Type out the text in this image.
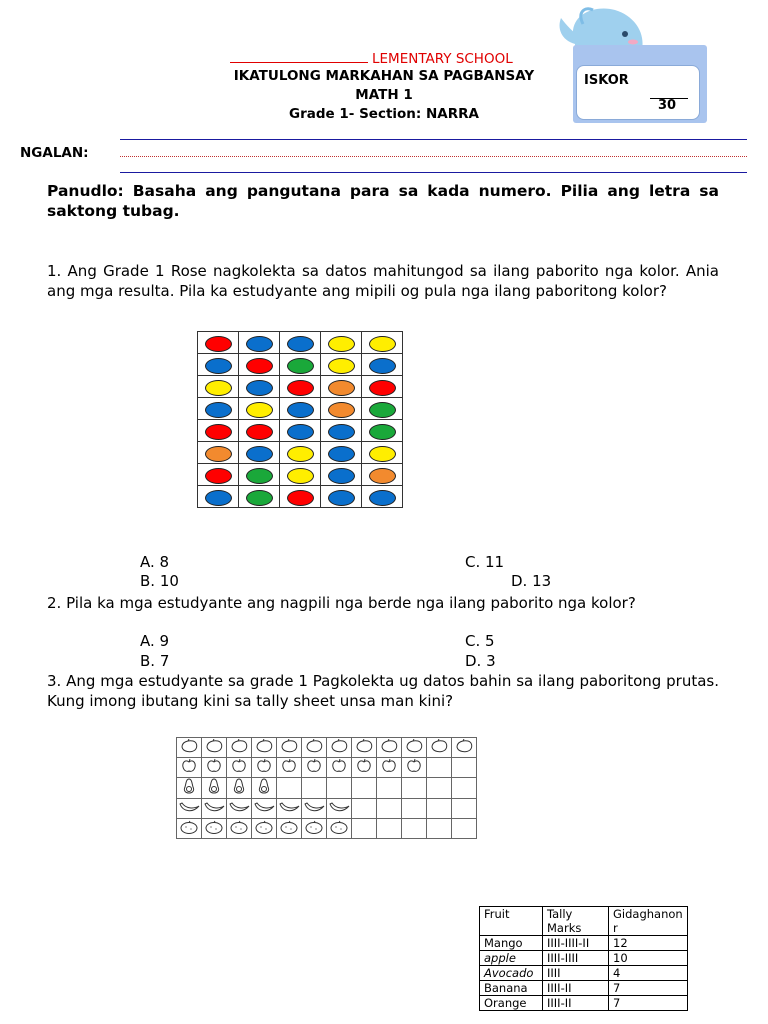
ISKOR
30
LEMENTARY SCHOOL
IKATULONG MARKAHAN SA PAGBANSAY
MATH 1
Grade 1- Section: NARRA
NGALAN:
Panudlo: Basaha ang pangutana para sa kada numero. Pilia ang letra sa saktong tubag.
1. Ang Grade 1 Rose nagkolekta sa datos mahitungod sa ilang paborito nga kolor. Ania ang mga resulta. Pila ka estudyante ang mipili og pula nga ilang paboritong kolor?

A. 8	C. 11
B. 10	D. 13
2. Pila ka mga estudyante ang nagpili nga berde nga ilang paborito nga kolor?
A. 9	C. 5
B. 7	D. 3
3. Ang mga estudyante sa grade 1 Pagkolekta ug datos bahin sa ilang paboritong prutas. Kung imong ibutang kini sa tally sheet unsa man kini?

Fruit	Tally Marks	Gidaghanon r
Mango	IIII-IIII-II	12
apple	IIII-IIII	10
Avocado	IIII	4
Banana	IIII-II	7
Orange	IIII-II	7
